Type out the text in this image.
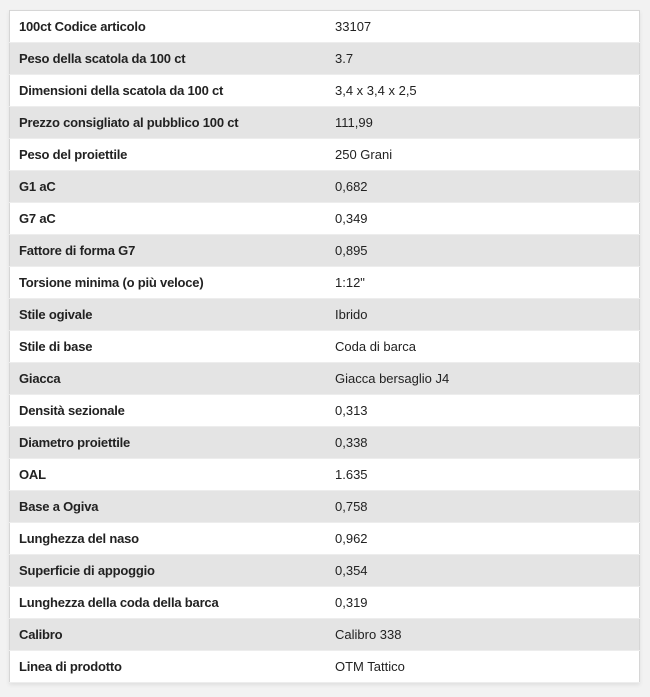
100ct Codice articolo	33107
Peso della scatola da 100 ct	3.7
Dimensioni della scatola da 100 ct	3,4 x 3,4 x 2,5
Prezzo consigliato al pubblico 100 ct	111,99
Peso del proiettile	250 Grani
G1 aC	0,682
G7 aC	0,349
Fattore di forma G7	0,895
Torsione minima (o più veloce)	1:12"
Stile ogivale	Ibrido
Stile di base	Coda di barca
Giacca	Giacca bersaglio J4
Densità sezionale	0,313
Diametro proiettile	0,338
OAL	1.635
Base a Ogiva	0,758
Lunghezza del naso	0,962
Superficie di appoggio	0,354
Lunghezza della coda della barca	0,319
Calibro	Calibro 338
Linea di prodotto	OTM Tattico
